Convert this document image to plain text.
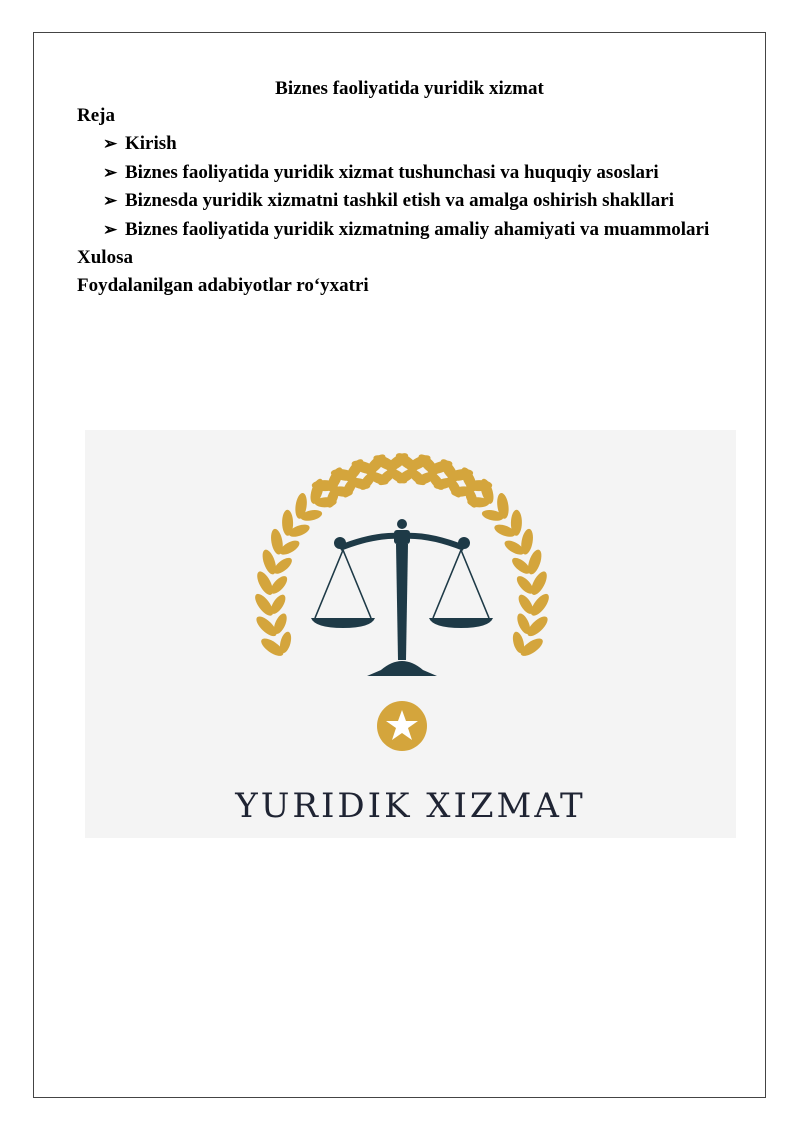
Biznes faoliyatida yuridik xizmat

Reja

➢ Kirish
➢ Biznes faoliyatida yuridik xizmat tushunchasi va huquqiy asoslari
➢ Biznesda yuridik xizmatni tashkil etish va amalga oshirish shakllari
➢ Biznes faoliyatida yuridik xizmatning amaliy ahamiyati va muammolari

Xulosa

Foydalanilgan adabiyotlar ro‘yxatri

YURIDIK XIZMAT
